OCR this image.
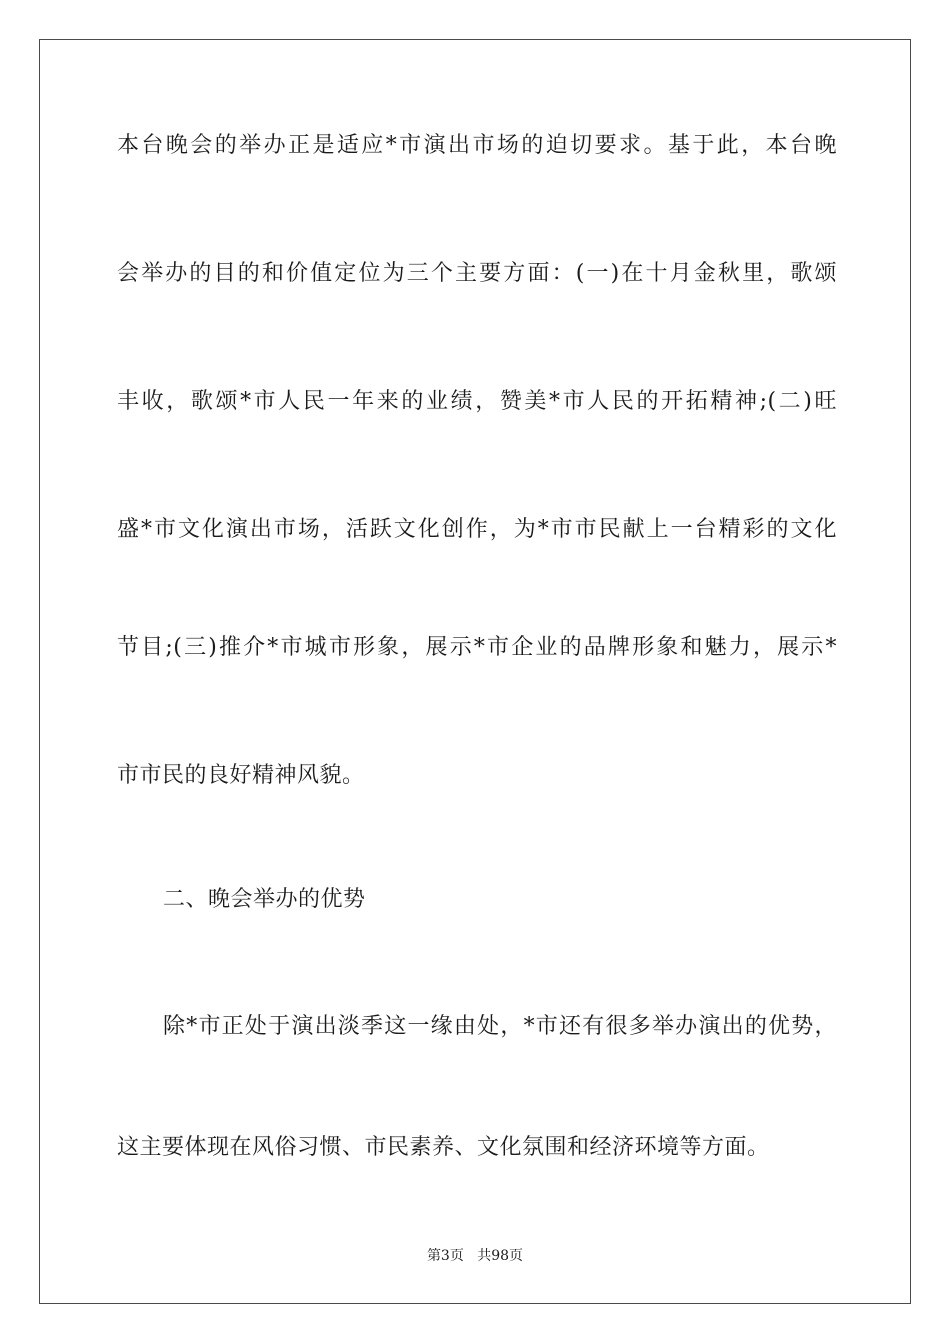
本台晚会的举办正是适应*市演出市场的迫切要求。基于此，本台晚
会举办的目的和价值定位为三个主要方面：(一)在十月金秋里，歌颂
丰收，歌颂*市人民一年来的业绩，赞美*市人民的开拓精神;(二)旺
盛*市文化演出市场，活跃文化创作，为*市市民献上一台精彩的文化
节目;(三)推介*市城市形象，展示*市企业的品牌形象和魅力，展示*
市市民的良好精神风貌。
二、晚会举办的优势
除*市正处于演出淡季这一缘由处，*市还有很多举办演出的优势，
这主要体现在风俗习惯、市民素养、文化氛围和经济环境等方面。
第3页 共98页
